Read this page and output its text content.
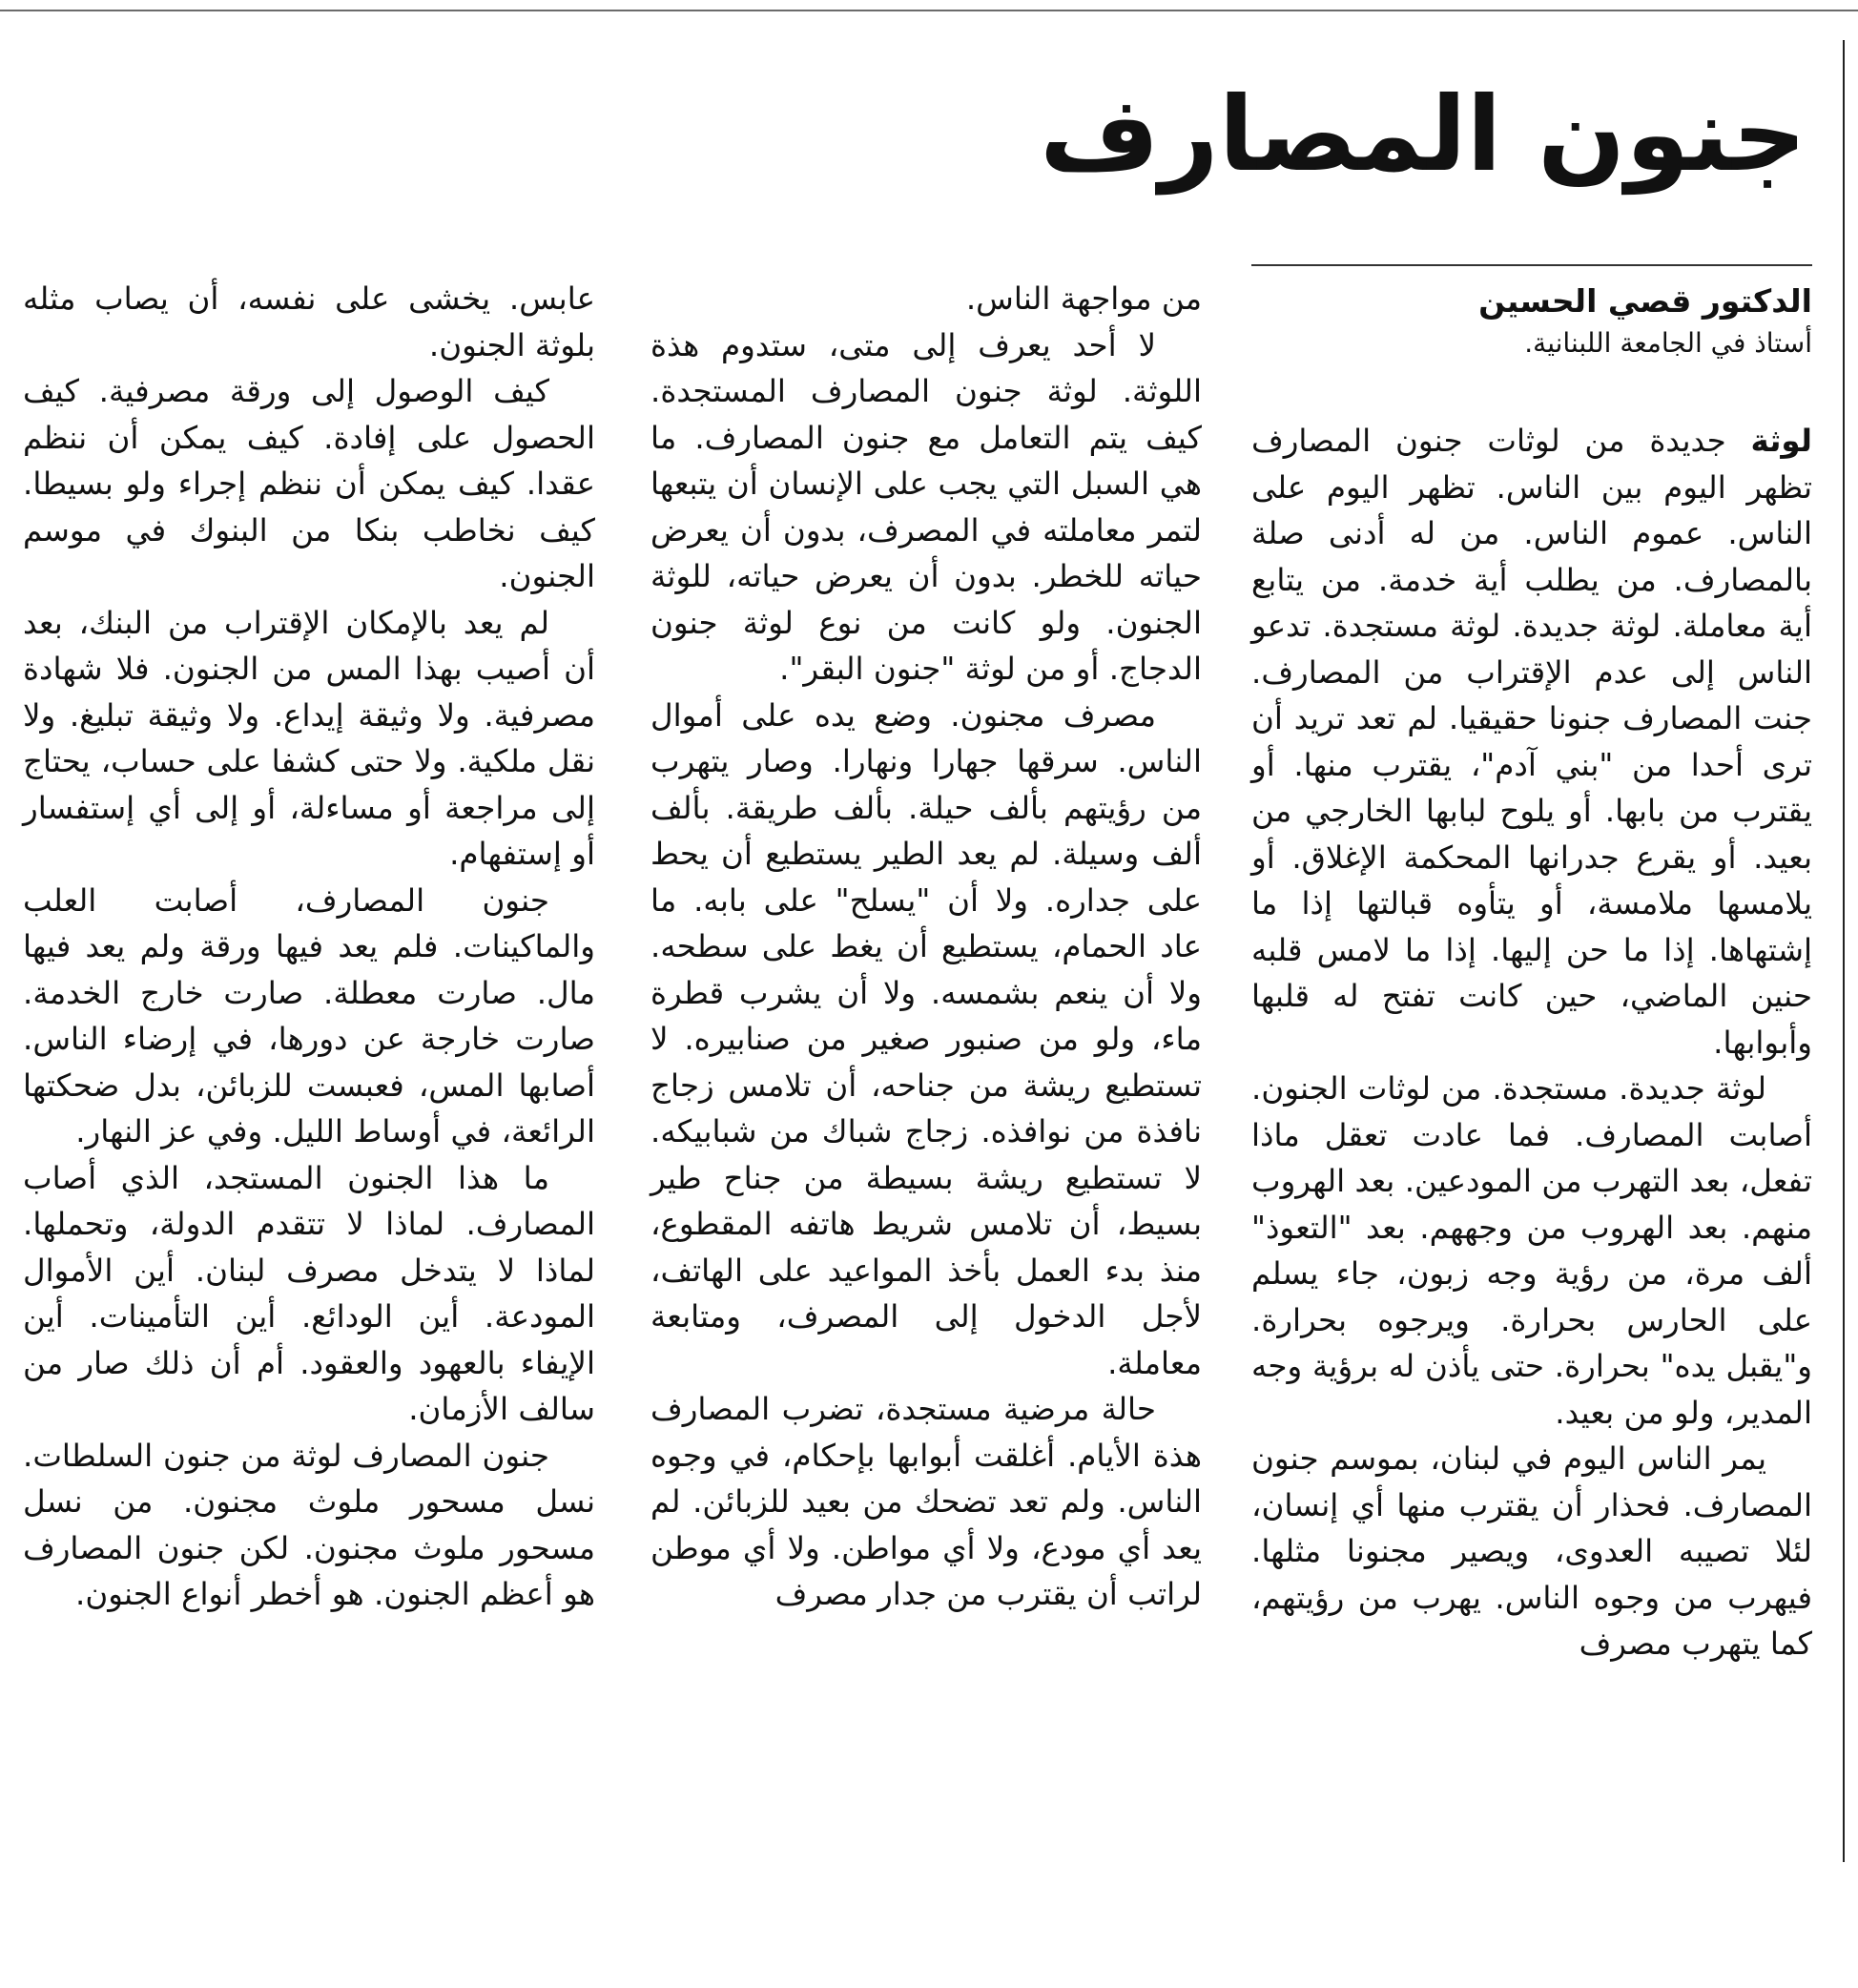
جنون المصارف

الدكتور قصي الحسين

أستاذ في الجامعة اللبنانية.

لوثة جديدة من لوثات جنون المصارف تظهر اليوم بين الناس. تظهر اليوم على الناس. عموم الناس. من له أدنى صلة بالمصارف. من يطلب أية خدمة. من يتابع أية معاملة. لوثة جديدة. لوثة مستجدة. تدعو الناس إلى عدم الإقتراب من المصارف. جنت المصارف جنونا حقيقيا. لم تعد تريد أن ترى أحدا من "بني آدم"، يقترب منها. أو يقترب من بابها. أو يلوح لبابها الخارجي من بعيد. أو يقرع جدرانها المحكمة الإغلاق. أو يلامسها ملامسة، أو يتأوه قبالتها إذا ما إشتهاها. إذا ما حن إليها. إذا ما لامس قلبه حنين الماضي، حين كانت تفتح له قلبها وأبوابها.

لوثة جديدة. مستجدة. من لوثات الجنون. أصابت المصارف. فما عادت تعقل ماذا تفعل، بعد التهرب من المودعين. بعد الهروب منهم. بعد الهروب من وجههم. بعد "التعوذ" ألف مرة، من رؤية وجه زبون، جاء يسلم على الحارس بحرارة. ويرجوه بحرارة. و"يقبل يده" بحرارة. حتى يأذن له برؤية وجه المدير، ولو من بعيد.

يمر الناس اليوم في لبنان، بموسم جنون المصارف. فحذار أن يقترب منها أي إنسان، لئلا تصيبه العدوى، ويصير مجنونا مثلها. فيهرب من وجوه الناس. يهرب من رؤيتهم، كما يتهرب مصرف

من مواجهة الناس.

لا أحد يعرف إلى متى، ستدوم هذة اللوثة. لوثة جنون المصارف المستجدة. كيف يتم التعامل مع جنون المصارف. ما هي السبل التي يجب على الإنسان أن يتبعها لتمر معاملته في المصرف، بدون أن يعرض حياته للخطر. بدون أن يعرض حياته، للوثة الجنون. ولو كانت من نوع لوثة جنون الدجاج. أو من لوثة "جنون البقر".

مصرف مجنون. وضع يده على أموال الناس. سرقها جهارا ونهارا. وصار يتهرب من رؤيتهم بألف حيلة. بألف طريقة. بألف ألف وسيلة. لم يعد الطير يستطيع أن يحط على جداره. ولا أن "يسلح" على بابه. ما عاد الحمام، يستطيع أن يغط على سطحه. ولا أن ينعم بشمسه. ولا أن يشرب قطرة ماء، ولو من صنبور صغير من صنابيره. لا تستطيع ريشة من جناحه، أن تلامس زجاج نافذة من نوافذه. زجاج شباك من شبابيكه. لا تستطيع ريشة بسيطة من جناح طير بسيط، أن تلامس شريط هاتفه المقطوع، منذ بدء العمل بأخذ المواعيد على الهاتف، لأجل الدخول إلى المصرف، ومتابعة معاملة.

حالة مرضية مستجدة، تضرب المصارف هذة الأيام. أغلقت أبوابها بإحكام، في وجوه الناس. ولم تعد تضحك من بعيد للزبائن. لم يعد أي مودع، ولا أي مواطن. ولا أي موطن لراتب أن يقترب من جدار مصرف

عابس. يخشى على نفسه، أن يصاب مثله بلوثة الجنون.

كيف الوصول إلى ورقة مصرفية. كيف الحصول على إفادة. كيف يمكن أن ننظم عقدا. كيف يمكن أن ننظم إجراء ولو بسيطا. كيف نخاطب بنكا من البنوك في موسم الجنون.

لم يعد بالإمكان الإقتراب من البنك، بعد أن أصيب بهذا المس من الجنون. فلا شهادة مصرفية. ولا وثيقة إيداع. ولا وثيقة تبليغ. ولا نقل ملكية. ولا حتى كشفا على حساب، يحتاج إلى مراجعة أو مساءلة، أو إلى أي إستفسار أو إستفهام.

جنون المصارف، أصابت العلب والماكينات. فلم يعد فيها ورقة ولم يعد فيها مال. صارت معطلة. صارت خارج الخدمة. صارت خارجة عن دورها، في إرضاء الناس. أصابها المس، فعبست للزبائن، بدل ضحكتها الرائعة، في أوساط الليل. وفي عز النهار.

ما هذا الجنون المستجد، الذي أصاب المصارف. لماذا لا تتقدم الدولة، وتحملها. لماذا لا يتدخل مصرف لبنان. أين الأموال المودعة. أين الودائع. أين التأمينات. أين الإيفاء بالعهود والعقود. أم أن ذلك صار من سالف الأزمان.

جنون المصارف لوثة من جنون السلطات. نسل مسحور ملوث مجنون. من نسل مسحور ملوث مجنون. لكن جنون المصارف هو أعظم الجنون. هو أخطر أنواع الجنون.
